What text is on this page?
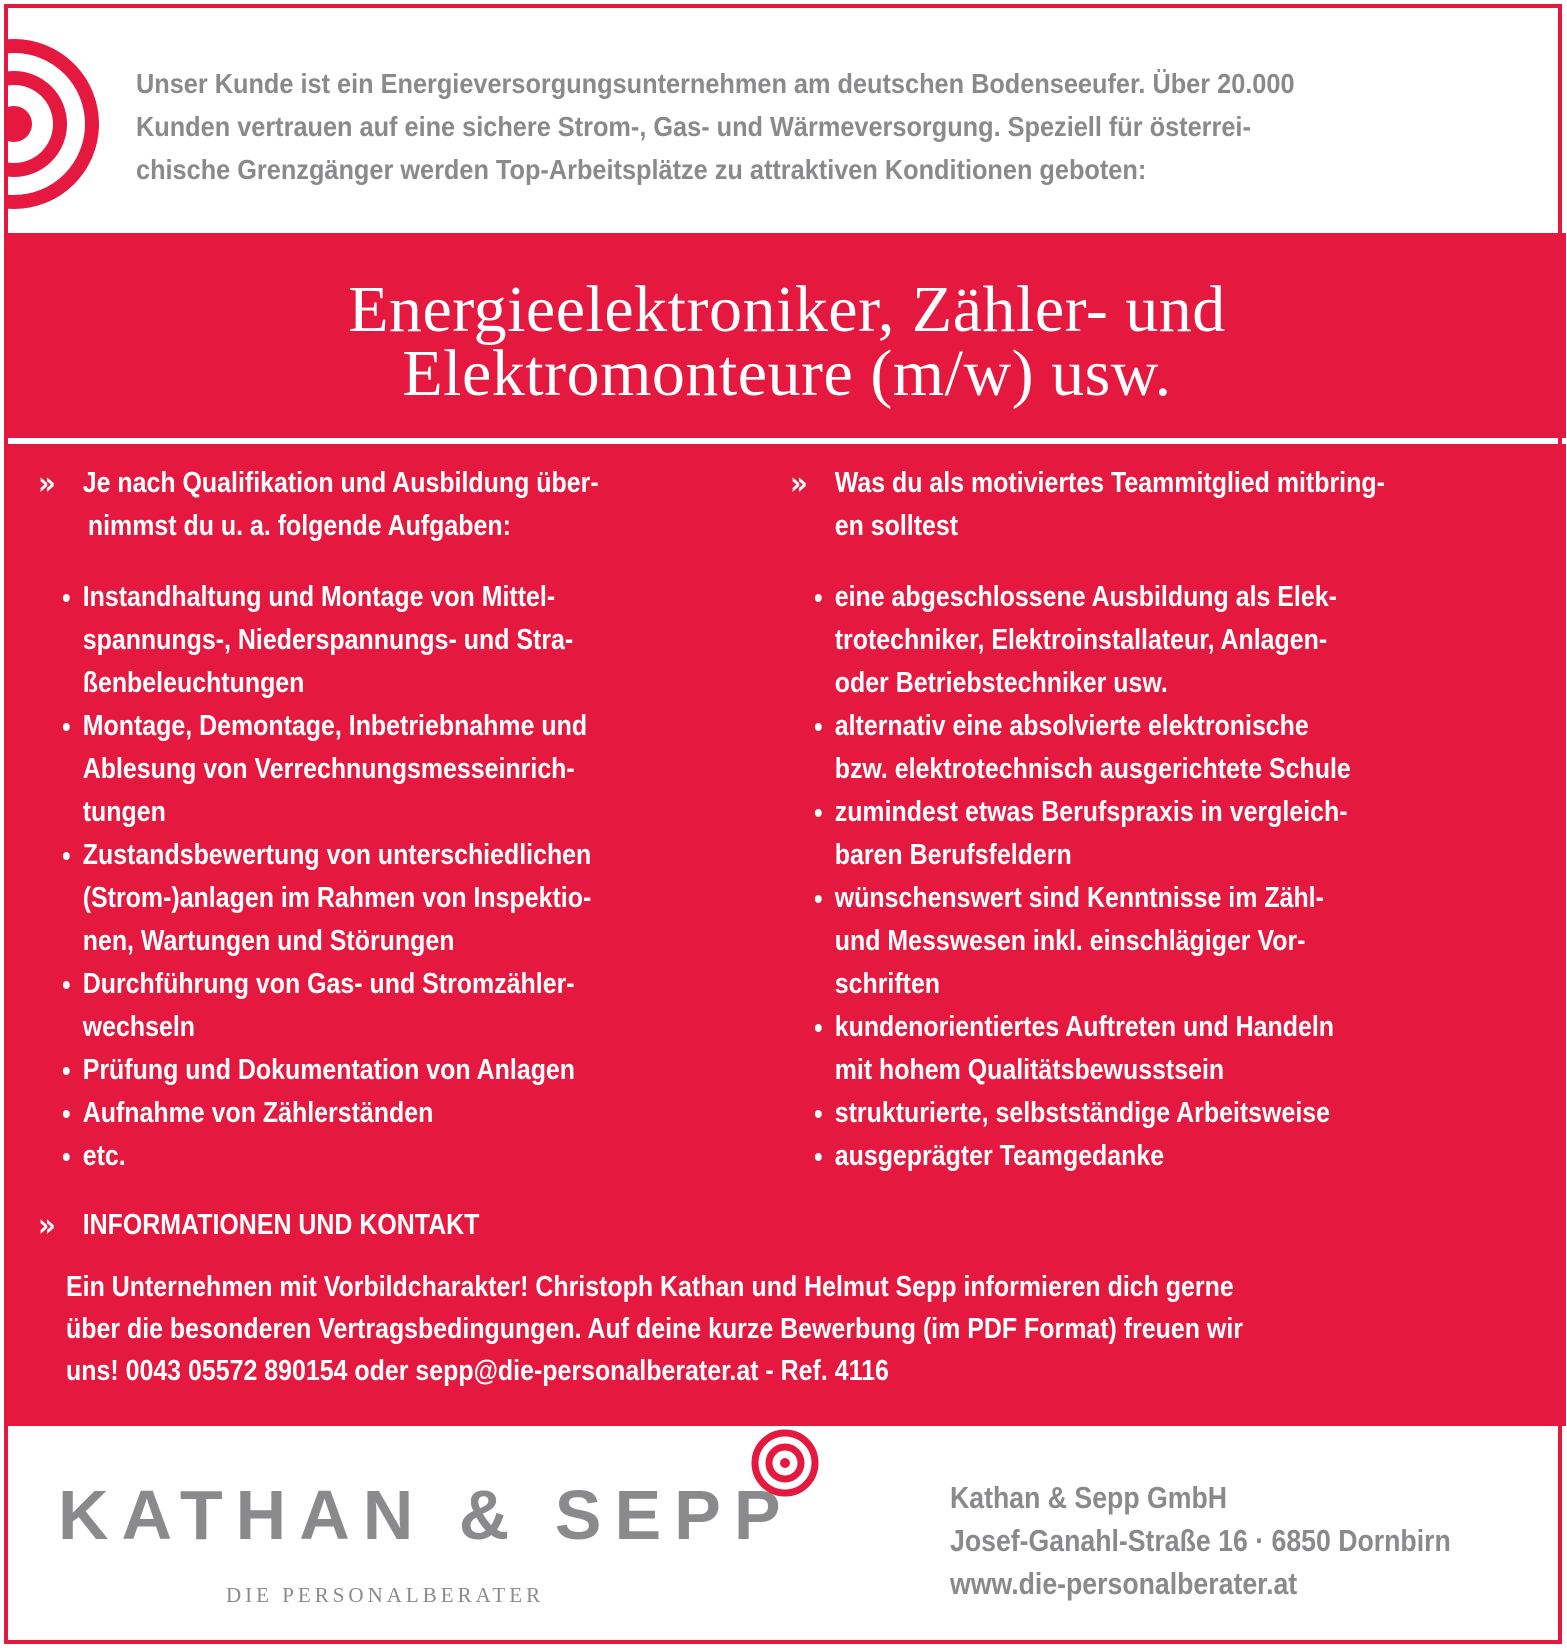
Unser Kunde ist ein Energieversorgungsunternehmen am deutschen Bodenseeufer. Über 20.000
Kunden vertrauen auf eine sichere Strom-, Gas- und Wärmeversorgung. Speziell für österrei-
chische Grenzgänger werden Top-Arbeitsplätze zu attraktiven Konditionen geboten:
Energieelektroniker, Zähler- und
Elektromonteure (m/w) usw.
» Je nach Qualifikation und Ausbildung über-
nimmst du u. a. folgende Aufgaben:
• Instandhaltung und Montage von Mittel-
spannungs-, Niederspannungs- und Stra-
ßenbeleuchtungen
• Montage, Demontage, Inbetriebnahme und
Ablesung von Verrechnungsmesseinrich-
tungen
• Zustandsbewertung von unterschiedlichen
(Strom-)anlagen im Rahmen von Inspektio-
nen, Wartungen und Störungen
• Durchführung von Gas- und Stromzähler-
wechseln
• Prüfung und Dokumentation von Anlagen
• Aufnahme von Zählerständen
• etc.
» Was du als motiviertes Teammitglied mitbring-
en solltest
• eine abgeschlossene Ausbildung als Elek-
trotechniker, Elektroinstallateur, Anlagen-
oder Betriebstechniker usw.
• alternativ eine absolvierte elektronische
bzw. elektrotechnisch ausgerichtete Schule
• zumindest etwas Berufspraxis in vergleich-
baren Berufsfeldern
• wünschenswert sind Kenntnisse im Zähl-
und Messwesen inkl. einschlägiger Vor-
schriften
• kundenorientiertes Auftreten und Handeln
mit hohem Qualitätsbewusstsein
• strukturierte, selbstständige Arbeitsweise
• ausgeprägter Teamgedanke
» INFORMATIONEN UND KONTAKT
Ein Unternehmen mit Vorbildcharakter! Christoph Kathan und Helmut Sepp informieren dich gerne
über die besonderen Vertragsbedingungen. Auf deine kurze Bewerbung (im PDF Format) freuen wir
uns! 0043 05572 890154 oder sepp@die-personalberater.at - Ref. 4116
KATHAN & SEPP
DIE PERSONALBERATER
Kathan & Sepp GmbH
Josef-Ganahl-Straße 16 · 6850 Dornbirn
www.die-personalberater.at
